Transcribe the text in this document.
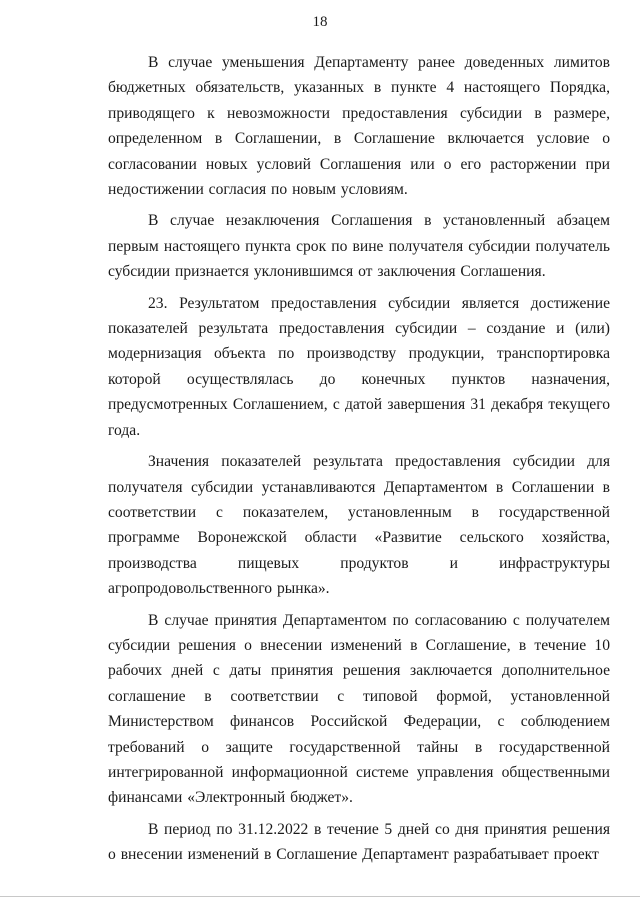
18

В случае уменьшения Департаменту ранее доведенных лимитов бюджетных обязательств, указанных в пункте 4 настоящего Порядка, приводящего к невозможности предоставления субсидии в размере, определенном в Соглашении, в Соглашение включается условие о согласовании новых условий Соглашения или о его расторжении при недостижении согласия по новым условиям.

В случае незаключения Соглашения в установленный абзацем первым настоящего пункта срок по вине получателя субсидии получатель субсидии признается уклонившимся от заключения Соглашения.

23. Результатом предоставления субсидии является достижение показателей результата предоставления субсидии – создание и (или) модернизация объекта по производству продукции, транспортировка которой осуществлялась до конечных пунктов назначения, предусмотренных Соглашением, с датой завершения 31 декабря текущего года.

Значения показателей результата предоставления субсидии для получателя субсидии устанавливаются Департаментом в Соглашении в соответствии с показателем, установленным в государственной программе Воронежской области «Развитие сельского хозяйства, производства пищевых продуктов и инфраструктуры агропродовольственного рынка».

В случае принятия Департаментом по согласованию с получателем субсидии решения о внесении изменений в Соглашение, в течение 10 рабочих дней с даты принятия решения заключается дополнительное соглашение в соответствии с типовой формой, установленной Министерством финансов Российской Федерации, с соблюдением требований о защите государственной тайны в государственной интегрированной информационной системе управления общественными финансами «Электронный бюджет».

В период по 31.12.2022 в течение 5 дней со дня принятия решения о внесении изменений в Соглашение Департамент разрабатывает проект
